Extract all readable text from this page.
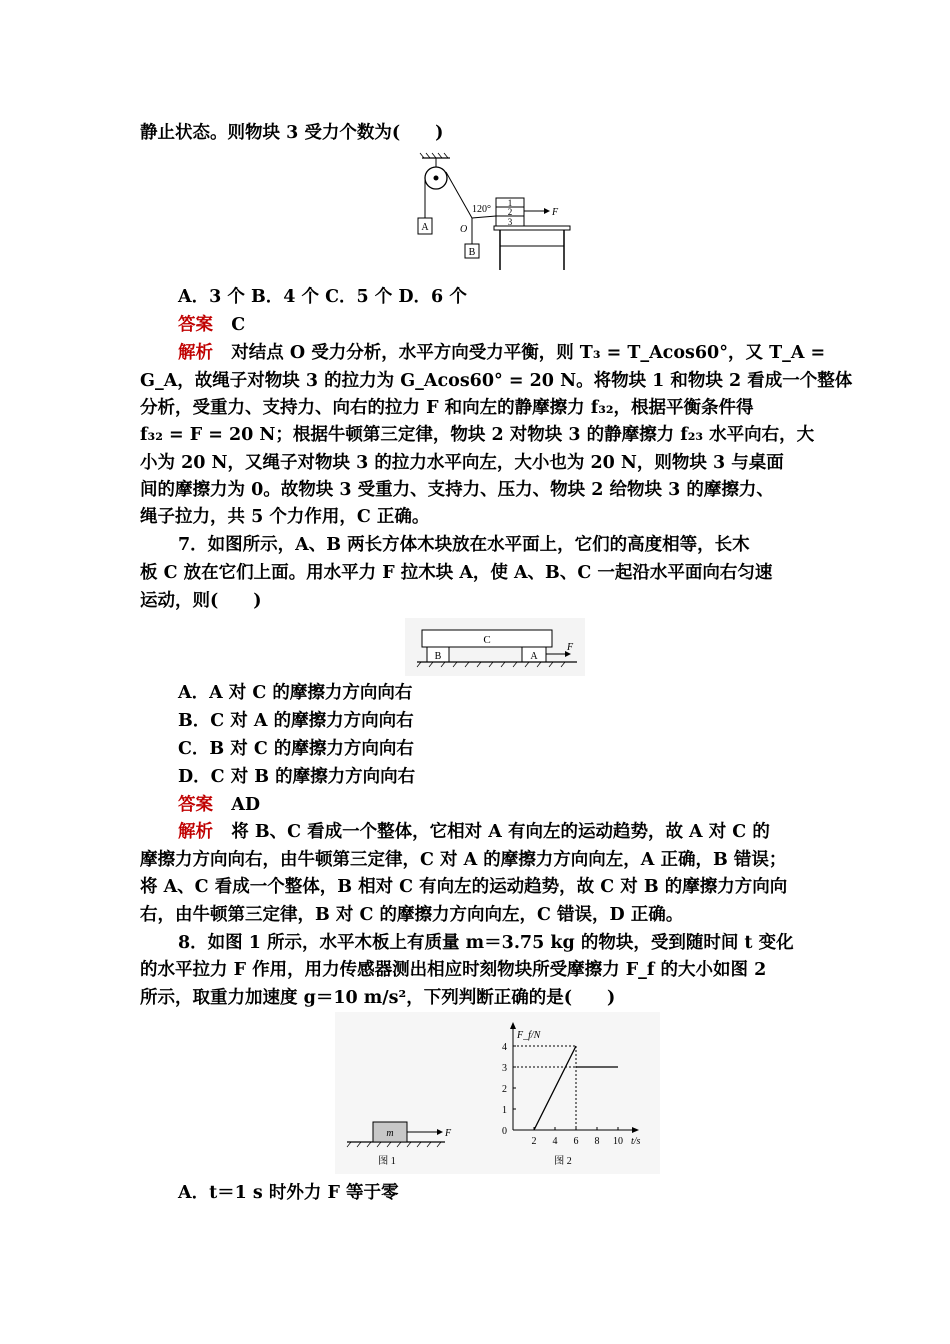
静止状态。则物块 3 受力个数为(　　)
A
B
O
120°
1
2
3
F
A．3 个 B．4 个 C．5 个 D．6 个
答案 C
解析 对结点 O 受力分析，水平方向受力平衡，则 T₃ = T_Acos60°，又 T_A =
G_A，故绳子对物块 3 的拉力为 G_Acos60° = 20 N。将物块 1 和物块 2 看成一个整体
分析，受重力、支持力、向右的拉力 F 和向左的静摩擦力 f₃₂，根据平衡条件得
f₃₂ = F = 20 N；根据牛顿第三定律，物块 2 对物块 3 的静摩擦力 f₂₃ 水平向右，大
小为 20 N，又绳子对物块 3 的拉力水平向左，大小也为 20 N，则物块 3 与桌面
间的摩擦力为 0。故物块 3 受重力、支持力、压力、物块 2 给物块 3 的摩擦力、
绳子拉力，共 5 个力作用，C 正确。
7．如图所示，A、B 两长方体木块放在水平面上，它们的高度相等，长木
板 C 放在它们上面。用水平力 F 拉木块 A，使 A、B、C 一起沿水平面向右匀速
运动，则(　　)
C
B	A
F
A．A 对 C 的摩擦力方向向右
B．C 对 A 的摩擦力方向向右
C．B 对 C 的摩擦力方向向右
D．C 对 B 的摩擦力方向向右
答案 AD
解析 将 B、C 看成一个整体，它相对 A 有向左的运动趋势，故 A 对 C 的
摩擦力方向向右，由牛顿第三定律，C 对 A 的摩擦力方向向左，A 正确，B 错误；
将 A、C 看成一个整体，B 相对 C 有向左的运动趋势，故 C 对 B 的摩擦力方向向
右，由牛顿第三定律，B 对 C 的摩擦力方向向左，C 错误，D 正确。
8．如图 1 所示，水平木板上有质量 m＝3.75 kg 的物块，受到随时间 t 变化
的水平拉力 F 作用，用力传感器测出相应时刻物块所受摩擦力 F_f 的大小如图 2
所示，取重力加速度 g＝10 m/s²，下列判断正确的是(　　)
m	F
图 1
F_f/N
t/s
0
1
2
3
4
2 4 6 8 10
图 2
A．t＝1 s 时外力 F 等于零
